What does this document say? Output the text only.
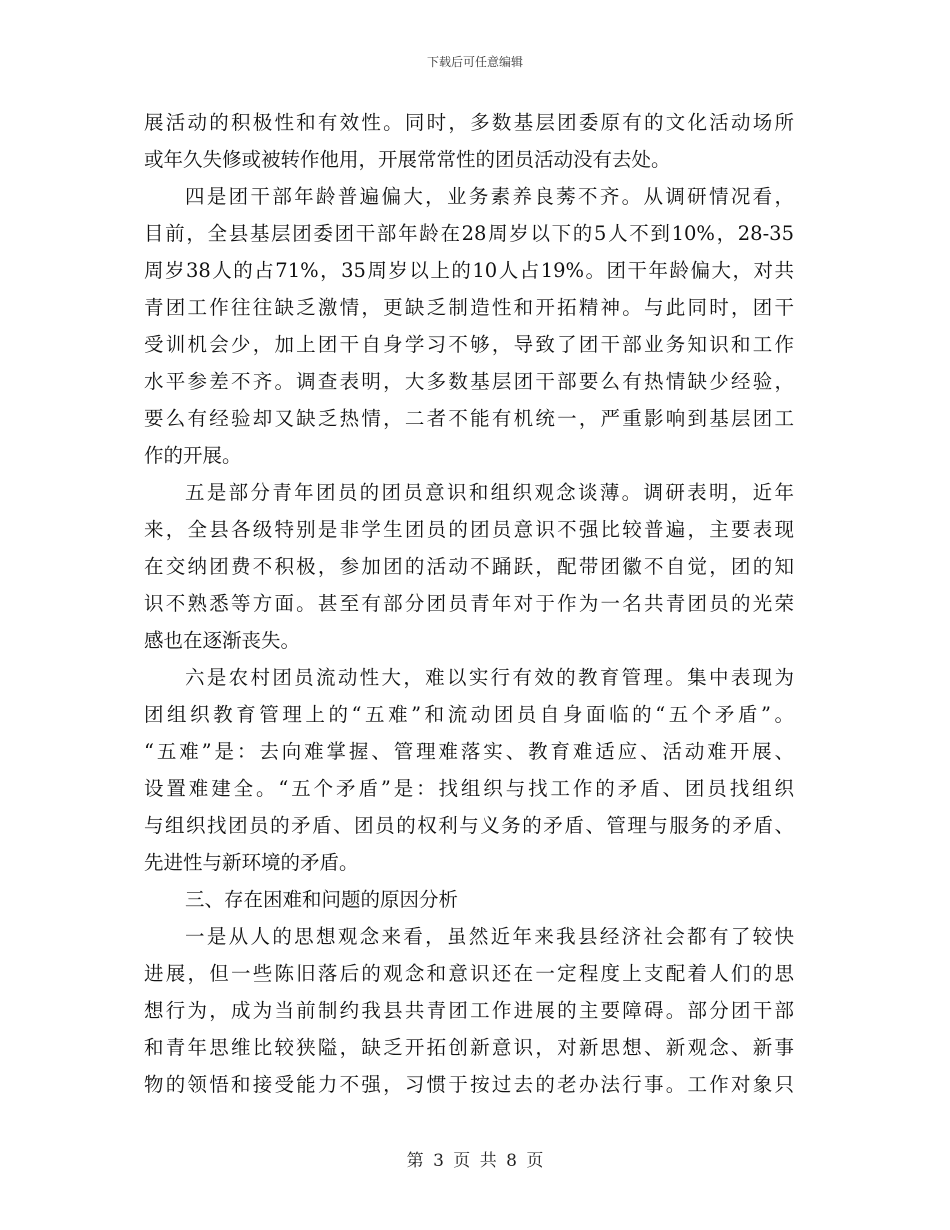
下载后可任意编辑
展活动的积极性和有效性。同时，多数基层团委原有的文化活动场所
或年久失修或被转作他用，开展常常性的团员活动没有去处。
四是团干部年龄普遍偏大，业务素养良莠不齐。从调研情况看，
目前，全县基层团委团干部年龄在28周岁以下的5人不到10%，28-35
周岁38人的占71%，35周岁以上的10人占19%。团干年龄偏大，对共
青团工作往往缺乏激情，更缺乏制造性和开拓精神。与此同时，团干
受训机会少，加上团干自身学习不够，导致了团干部业务知识和工作
水平参差不齐。调查表明，大多数基层团干部要么有热情缺少经验，
要么有经验却又缺乏热情，二者不能有机统一，严重影响到基层团工
作的开展。
五是部分青年团员的团员意识和组织观念谈薄。调研表明，近年
来，全县各级特别是非学生团员的团员意识不强比较普遍，主要表现
在交纳团费不积极，参加团的活动不踊跃，配带团徽不自觉，团的知
识不熟悉等方面。甚至有部分团员青年对于作为一名共青团员的光荣
感也在逐渐丧失。
六是农村团员流动性大，难以实行有效的教育管理。集中表现为
团组织教育管理上的“五难”和流动团员自身面临的“五个矛盾”。
“五难”是：去向难掌握、管理难落实、教育难适应、活动难开展、
设置难建全。“五个矛盾”是：找组织与找工作的矛盾、团员找组织
与组织找团员的矛盾、团员的权利与义务的矛盾、管理与服务的矛盾、
先进性与新环境的矛盾。
三、存在困难和问题的原因分析
一是从人的思想观念来看，虽然近年来我县经济社会都有了较快
进展，但一些陈旧落后的观念和意识还在一定程度上支配着人们的思
想行为，成为当前制约我县共青团工作进展的主要障碍。部分团干部
和青年思维比较狭隘，缺乏开拓创新意识，对新思想、新观念、新事
物的领悟和接受能力不强，习惯于按过去的老办法行事。工作对象只
第 3 页 共 8 页
